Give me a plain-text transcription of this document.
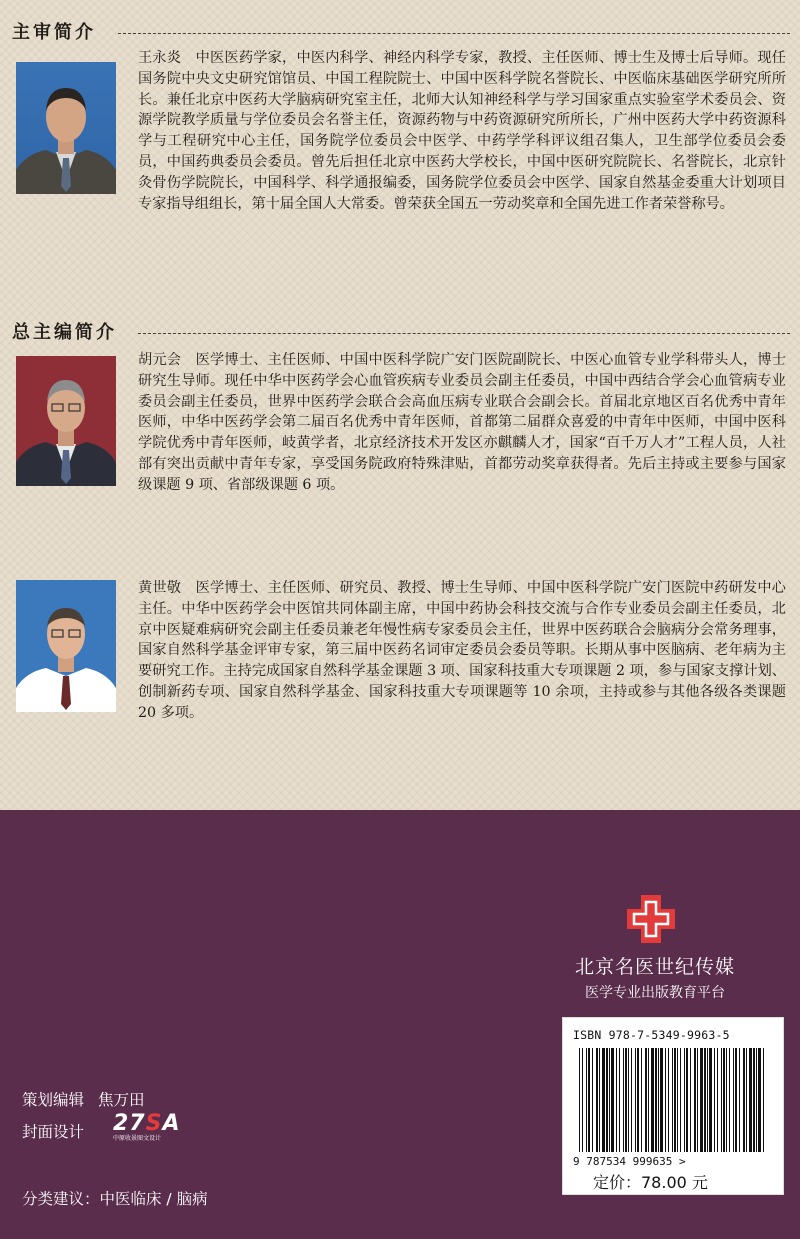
主审简介

王永炎　中医医药学家，中医内科学、神经内科学专家，教授、主任医师、博士生及博士后导师。现任国务院中央文史研究馆馆员、中国工程院院士、中国中医科学院名誉院长、中医临床基础医学研究所所长。兼任北京中医药大学脑病研究室主任，北师大认知神经科学与学习国家重点实验室学术委员会、资源学院教学质量与学位委员会名誉主任，资源药物与中药资源研究所所长，广州中医药大学中药资源科学与工程研究中心主任，国务院学位委员会中医学、中药学学科评议组召集人，卫生部学位委员会委员，中国药典委员会委员。曾先后担任北京中医药大学校长，中国中医研究院院长、名誉院长，北京针灸骨伤学院院长，中国科学、科学通报编委，国务院学位委员会中医学、国家自然基金委重大计划项目专家指导组组长，第十届全国人大常委。曾荣获全国五一劳动奖章和全国先进工作者荣誉称号。

总主编简介

胡元会　医学博士、主任医师、中国中医科学院广安门医院副院长、中医心血管专业学科带头人，博士研究生导师。现任中华中医药学会心血管疾病专业委员会副主任委员，中国中西结合学会心血管病专业委员会副主任委员，世界中医药学会联合会高血压病专业联合会副会长。首届北京地区百名优秀中青年医师，中华中医药学会第二届百名优秀中青年医师，首都第二届群众喜爱的中青年中医师，中国中医科学院优秀中青年医师，岐黄学者，北京经济技术开发区亦麒麟人才，国家“百千万人才”工程人员，人社部有突出贡献中青年专家，享受国务院政府特殊津贴，首都劳动奖章获得者。先后主持或主要参与国家级课题 9 项、省部级课题 6 项。

黄世敬　医学博士、主任医师、研究员、教授、博士生导师、中国中医科学院广安门医院中药研发中心主任。中华中医药学会中医馆共同体副主席，中国中药协会科技交流与合作专业委员会副主任委员，北京中医疑难病研究会副主任委员兼老年慢性病专家委员会主任，世界中医药联合会脑病分会常务理事，国家自然科学基金评审专家，第三届中医药名词审定委员会委员等职。长期从事中医脑病、老年病为主要研究工作。主持完成国家自然科学基金课题 3 项、国家科技重大专项课题 2 项，参与国家支撑计划、创制新药专项、国家自然科学基金、国家科技重大专项课题等 10 余项，主持或参与其他各级各类课题 20 多项。

北京名医世纪传媒
医学专业出版教育平台
ISBN 978-7-5349-9963-5
9 787534 999635 >
定价：78.00 元
策划编辑 焦万田
封面设计 27SA
中原收景图文设计
分类建议：中医临床 / 脑病
